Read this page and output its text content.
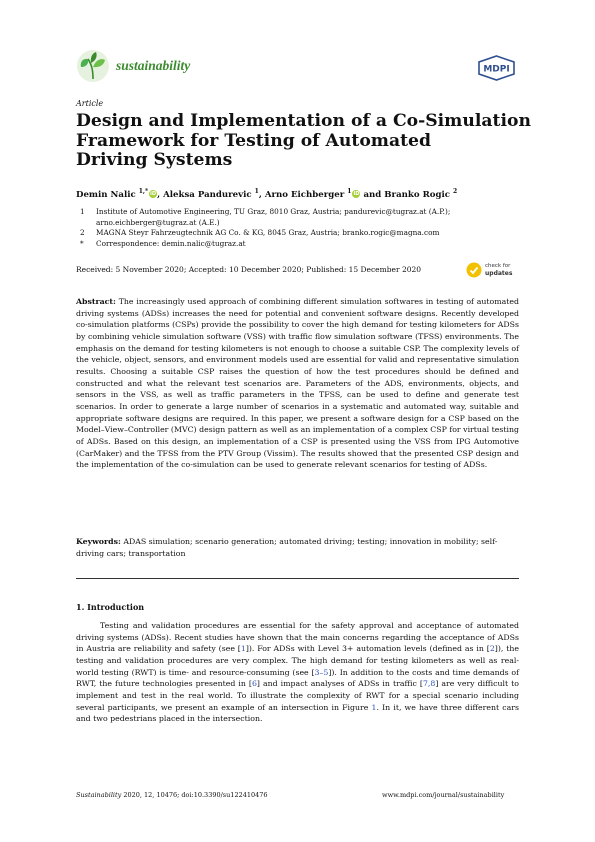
sustainability	MDPI
Article
Design and Implementation of a Co-Simulation
Framework for Testing of Automated
Driving Systems
Demin Nalic $^{1,*}$ iD, Aleksa Pandurevic $^1$, Arno Eichberger $^1$ iD and Branko Rogic $^2$
1 Institute of Automotive Engineering, TU Graz, 8010 Graz, Austria; pandurevic@tugraz.at (A.P.);
arno.eichberger@tugraz.at (A.E.)
2 MAGNA Steyr Fahrzeugtechnik AG Co. & KG, 8045 Graz, Austria; branko.rogic@magna.com
* Correspondence: demin.nalic@tugraz.at
Received: 5 November 2020; Accepted: 10 December 2020; Published: 15 December 2020	check for
updates
Abstract: The increasingly used approach of combining different simulation softwares in testing of automated driving systems (ADSs) increases the need for potential and convenient software designs. Recently developed co-simulation platforms (CSPs) provide the possibility to cover the high demand for testing kilometers for ADSs by combining vehicle simulation software (VSS) with traffic flow simulation software (TFSS) environments. The emphasis on the demand for testing kilometers is not enough to choose a suitable CSP. The complexity levels of the vehicle, object, sensors, and environment models used are essential for valid and representative simulation results. Choosing a suitable CSP raises the question of how the test procedures should be defined and constructed and what the relevant test scenarios are. Parameters of the ADS, environments, objects, and sensors in the VSS, as well as traffic parameters in the TFSS, can be used to define and generate test scenarios. In order to generate a large number of scenarios in a systematic and automated way, suitable and appropriate software designs are required. In this paper, we present a software design for a CSP based on the Model–View–Controller (MVC) design pattern as well as an implementation of a complex CSP for virtual testing of ADSs. Based on this design, an implementation of a CSP is presented using the VSS from IPG Automotive (CarMaker) and the TFSS from the PTV Group (Vissim). The results showed that the presented CSP design and the implementation of the co-simulation can be used to generate relevant scenarios for testing of ADSs.
Keywords: ADAS simulation; scenario generation; automated driving; testing; innovation in mobility; self-driving cars; transportation
1. Introduction
Testing and validation procedures are essential for the safety approval and acceptance of automated driving systems (ADSs). Recent studies have shown that the main concerns regarding the acceptance of ADSs in Austria are reliability and safety (see [1]). For ADSs with Level 3+ automation levels (defined as in [2]), the testing and validation procedures are very complex. The high demand for testing kilometers as well as real-world testing (RWT) is time- and resource-consuming (see [3–5]). In addition to the costs and time demands of RWT, the future technologies presented in [6] and impact analyses of ADSs in traffic [7,8] are very difficult to implement and test in the real world. To illustrate the complexity of RWT for a special scenario including several participants, we present an example of an intersection in Figure 1. In it, we have three different cars and two pedestrians placed in the intersection.
Sustainability 2020, 12, 10476; doi:10.3390/su122410476	www.mdpi.com/journal/sustainability
